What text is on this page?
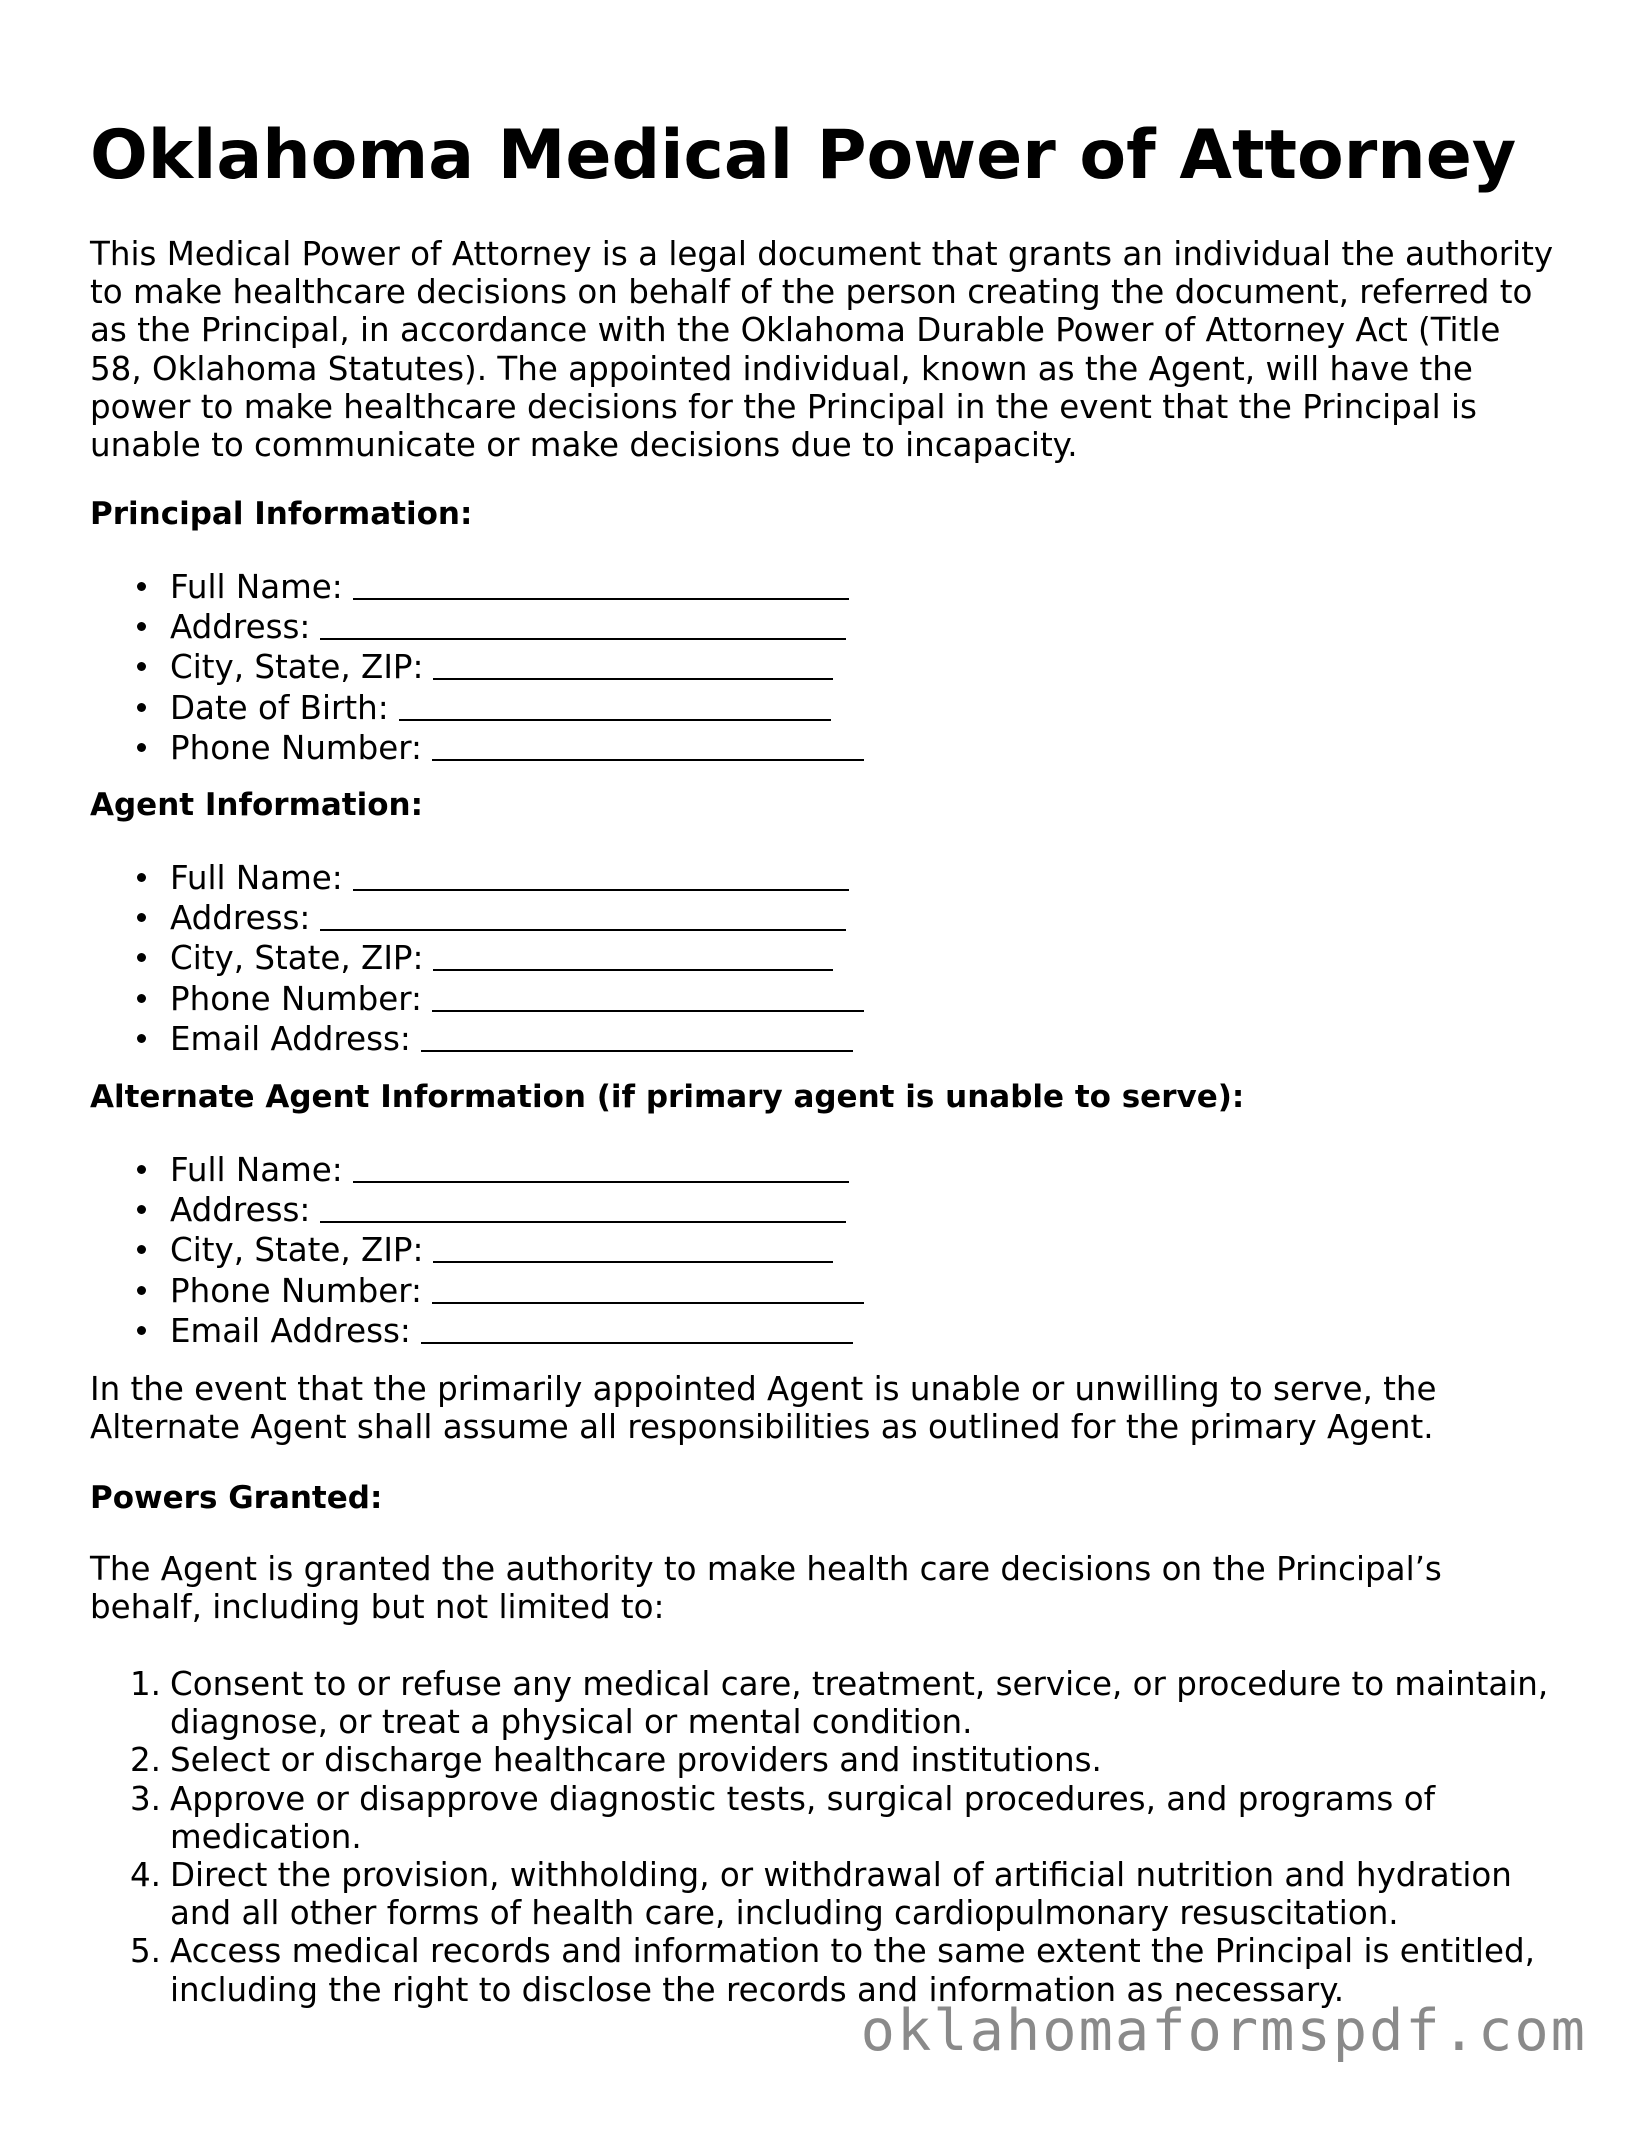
Oklahoma Medical Power of Attorney

This Medical Power of Attorney is a legal document that grants an individual the authority to make healthcare decisions on behalf of the person creating the document, referred to as the Principal, in accordance with the Oklahoma Durable Power of Attorney Act (Title 58, Oklahoma Statutes). The appointed individual, known as the Agent, will have the power to make healthcare decisions for the Principal in the event that the Principal is unable to communicate or make decisions due to incapacity.

Principal Information:

Full Name:
Address:
City, State, ZIP:
Date of Birth:
Phone Number:

Agent Information:

Full Name:
Address:
City, State, ZIP:
Phone Number:
Email Address:

Alternate Agent Information (if primary agent is unable to serve):

Full Name:
Address:
City, State, ZIP:
Phone Number:
Email Address:

In the event that the primarily appointed Agent is unable or unwilling to serve, the Alternate Agent shall assume all responsibilities as outlined for the primary Agent.

Powers Granted:

The Agent is granted the authority to make health care decisions on the Principal’s behalf, including but not limited to:

1. Consent to or refuse any medical care, treatment, service, or procedure to maintain, diagnose, or treat a physical or mental condition.
2. Select or discharge healthcare providers and institutions.
3. Approve or disapprove diagnostic tests, surgical procedures, and programs of medication.
4. Direct the provision, withholding, or withdrawal of artificial nutrition and hydration and all other forms of health care, including cardiopulmonary resuscitation.
5. Access medical records and information to the same extent the Principal is entitled, including the right to disclose the records and information as necessary.
oklahomaformspdf.com
